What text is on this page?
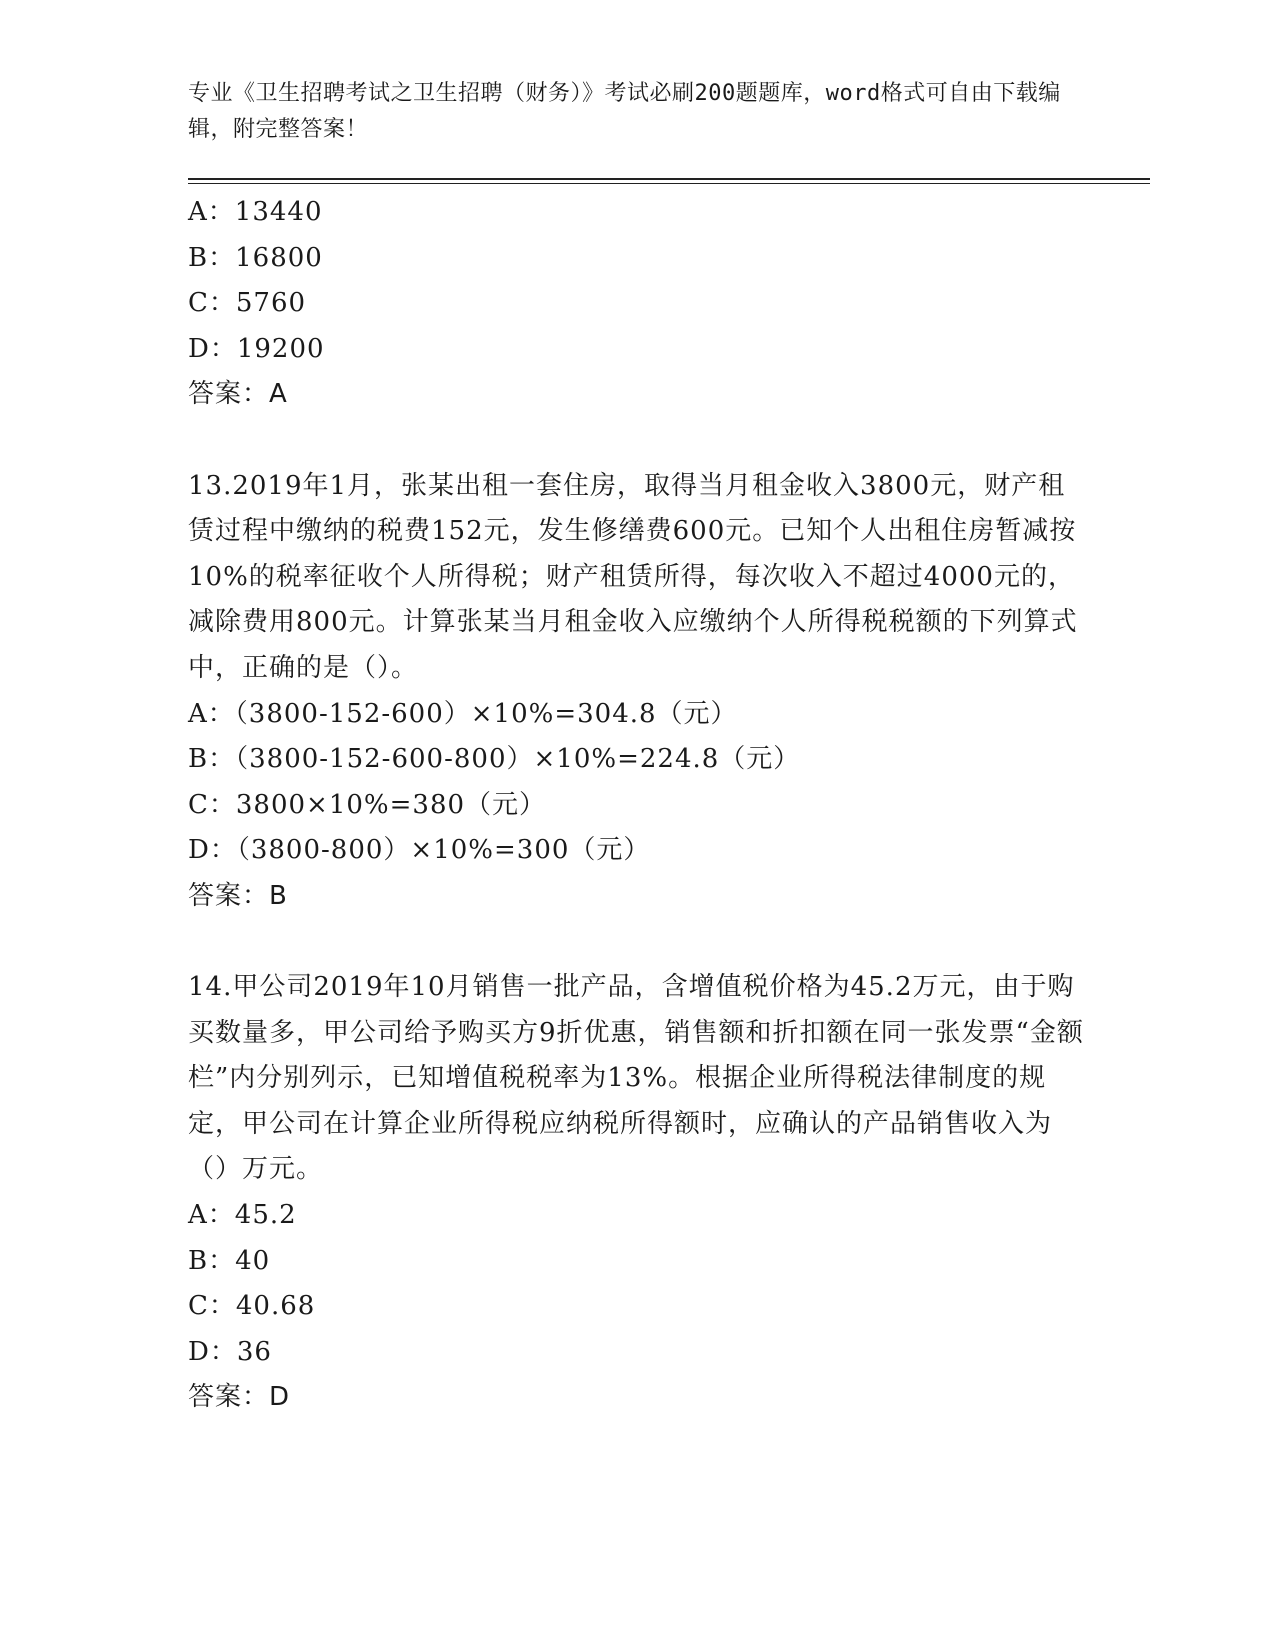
专业《卫生招聘考试之卫生招聘（财务）》考试必刷200题题库，word格式可自由下载编辑，附完整答案！
A：13440
B：16800
C：5760
D：19200
答案：A

13.2019年1月，张某出租一套住房，取得当月租金收入3800元，财产租赁过程中缴纳的税费152元，发生修缮费600元。已知个人出租住房暂减按10%的税率征收个人所得税；财产租赁所得，每次收入不超过4000元的，减除费用800元。计算张某当月租金收入应缴纳个人所得税税额的下列算式中，正确的是（）。

A：（3800-152-600）×10%=304.8（元）
B：（3800-152-600-800）×10%=224.8（元）
C：3800×10%=380（元）
D：（3800-800）×10%=300（元）
答案：B

14.甲公司2019年10月销售一批产品，含增值税价格为45.2万元，由于购买数量多，甲公司给予购买方9折优惠，销售额和折扣额在同一张发票“金额栏”内分别列示，已知增值税税率为13%。根据企业所得税法律制度的规定，甲公司在计算企业所得税应纳税所得额时，应确认的产品销售收入为（）万元。

A：45.2
B：40
C：40.68
D：36
答案：D
